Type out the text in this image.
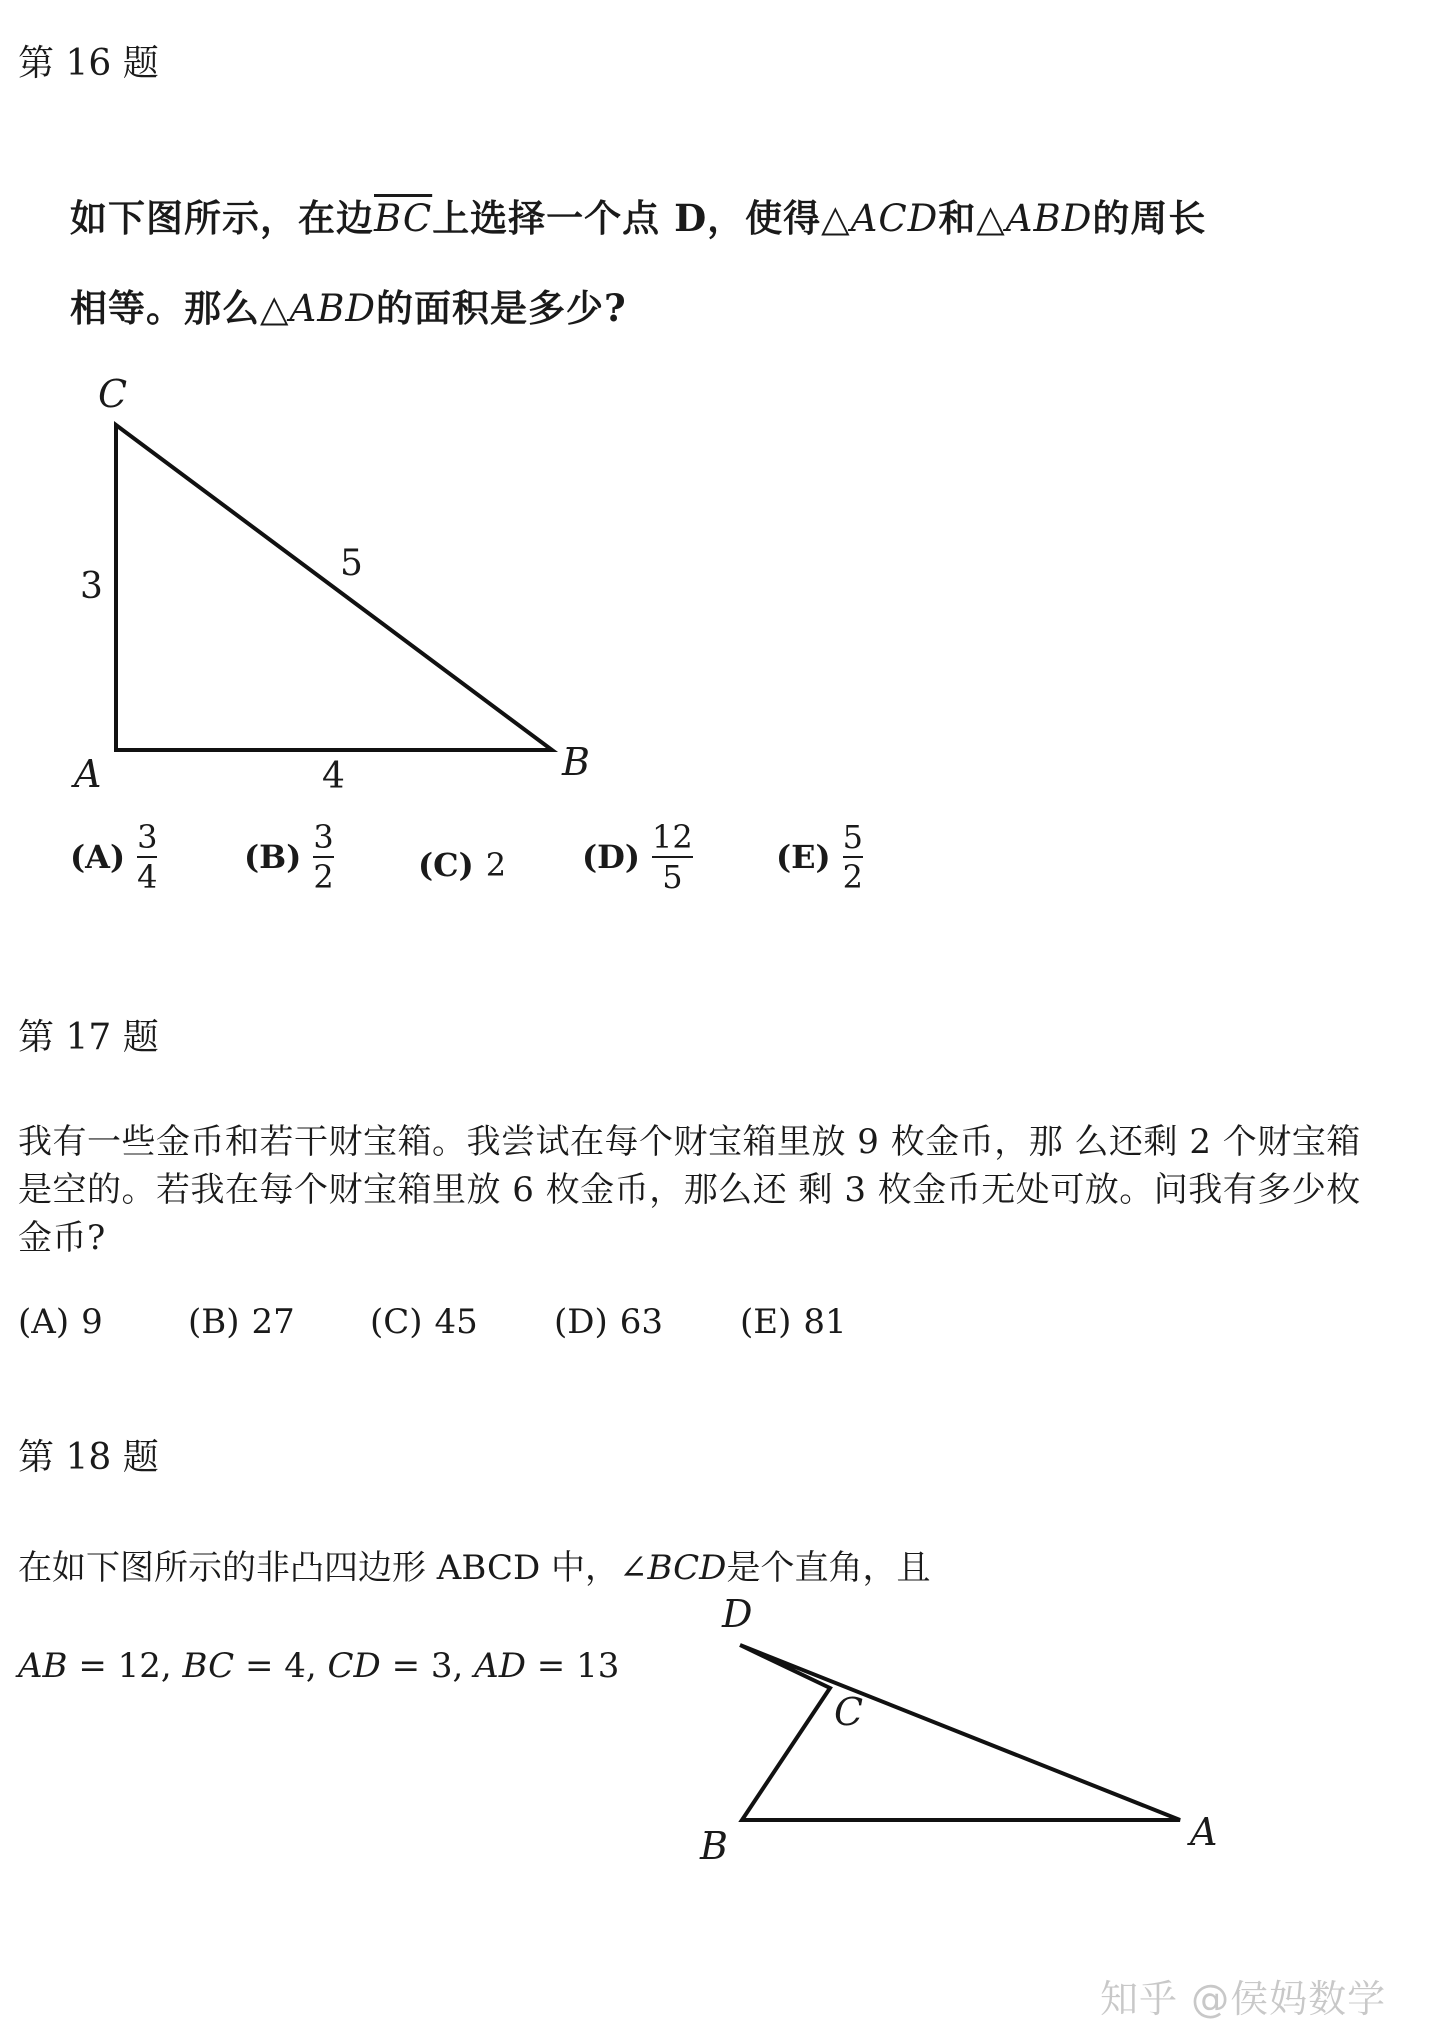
第 16 题
如下图所示，在边$\overline{BC}$上选择一个点 D，使得△ACD和△ABD的周长
相等。那么△ABD的面积是多少?
C
A	B
3
5
4
$(A) \frac{3}{4}$	$(B) \frac{3}{2}$	(C) 2 $(D) \frac{12}{5}$	$(E) \frac{5}{2}$
第 17 题

我有一些金币和若干财宝箱。我尝试在每个财宝箱里放 9 枚金币，那 么还剩 2 个财宝箱

是空的。若我在每个财宝箱里放 6 枚金币，那么还 剩 3 枚金币无处可放。问我有多少枚

金币?

(A) 9	(B) 27 (C) 45 (D) 63 (E) 81
第 18 题
在如下图所示的非凸四边形 ABCD 中，∠BCD是个直角，且
AB = 12, BC = 4, CD = 3, AD = 13
D
C
B	A
知乎 @侯妈数学
